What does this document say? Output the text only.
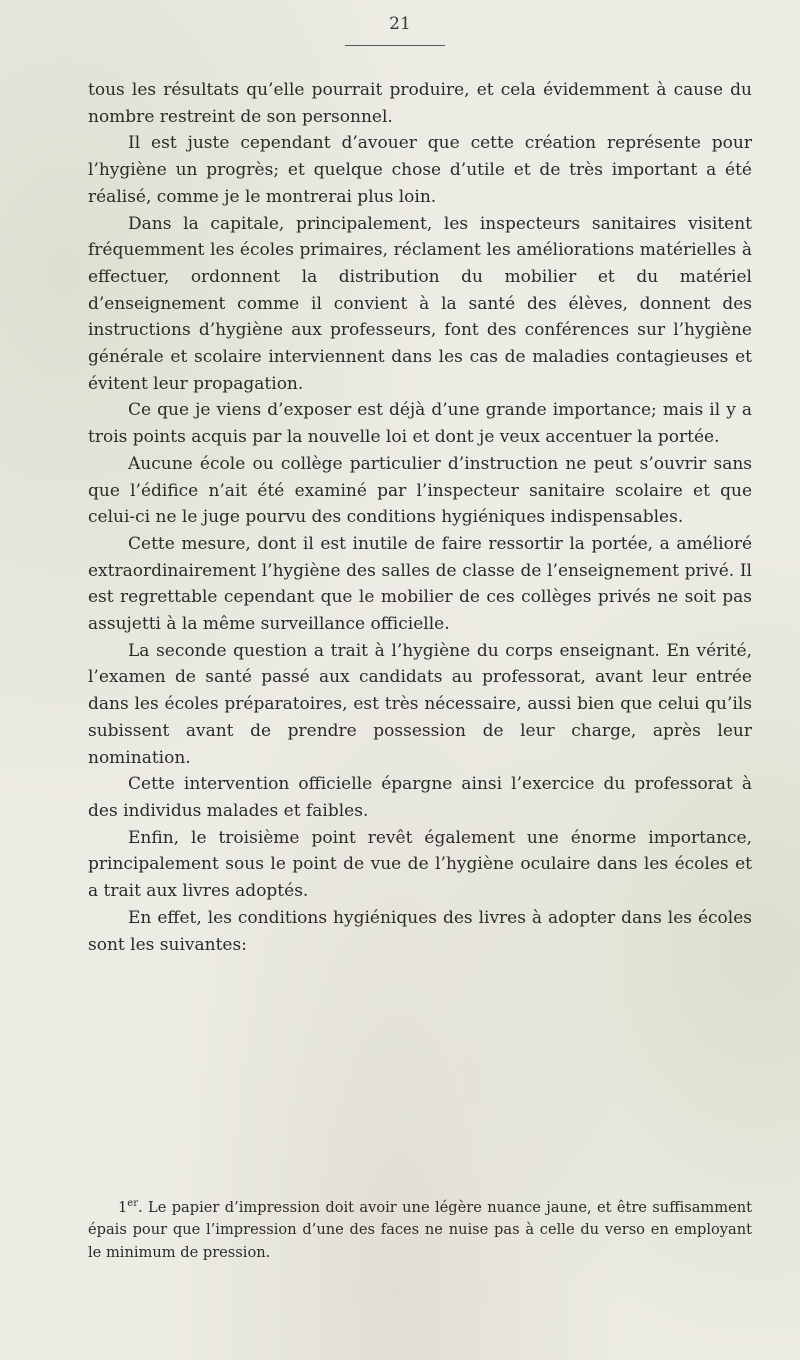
21

tous les résultats qu’elle pourrait produire, et cela évidemment à cause du nombre restreint de son personnel.

Il est juste cependant d’avouer que cette création représente pour l’hygiène un progrès; et quelque chose d’utile et de très important a été réalisé, comme je le montrerai plus loin.

Dans la capitale, principalement, les inspecteurs sanitaires visitent fréquemment les écoles primaires, réclament les améliorations matérielles à effectuer, ordonnent la distribution du mobilier et du matériel d’enseignement comme il convient à la santé des élèves, donnent des instructions d’hygiène aux professeurs, font des conférences sur l’hygiène générale et scolaire interviennent dans les cas de maladies contagieuses et évitent leur propagation.

Ce que je viens d’exposer est déjà d’une grande importance; mais il y a trois points acquis par la nouvelle loi et dont je veux accentuer la portée.

Aucune école ou collège particulier d’instruction ne peut s’ouvrir sans que l’édifice n’ait été examiné par l’inspecteur sanitaire scolaire et que celui-ci ne le juge pourvu des conditions hygiéniques indispensables.

Cette mesure, dont il est inutile de faire ressortir la portée, a amélioré extraordinairement l’hygiène des salles de classe de l’enseignement privé. Il est regrettable cependant que le mobilier de ces collèges privés ne soit pas assujetti à la même surveillance officielle.

La seconde question a trait à l’hygiène du corps enseignant. En vérité, l’examen de santé passé aux candidats au professorat, avant leur entrée dans les écoles préparatoires, est très nécessaire, aussi bien que celui qu’ils subissent avant de prendre possession de leur charge, après leur nomination.

Cette intervention officielle épargne ainsi l’exercice du professorat à des individus malades et faibles.

Enfin, le troisième point revêt également une énorme importance, principalement sous le point de vue de l’hygiène oculaire dans les écoles et a trait aux livres adoptés.

En effet, les conditions hygiéniques des livres à adopter dans les écoles sont les suivantes:

1er. Le papier d’impression doit avoir une légère nuance jaune, et être suffisamment épais pour que l’impression d’une des faces ne nuise pas à celle du verso en employant le minimum de pression.
